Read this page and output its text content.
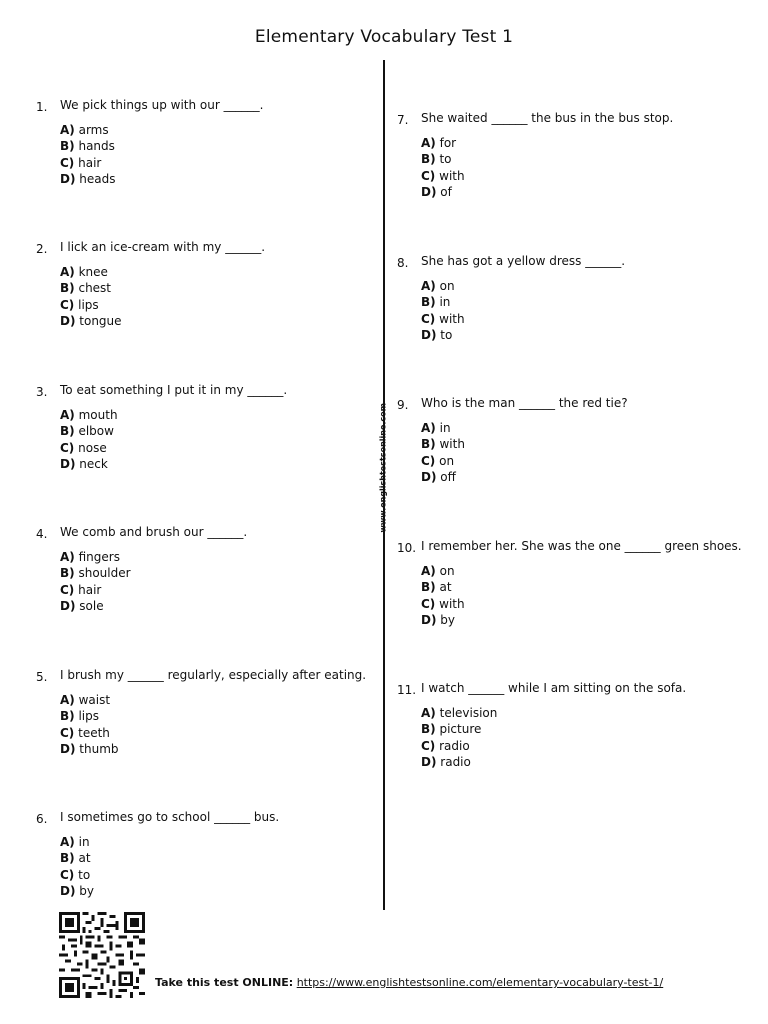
Elementary Vocabulary Test 1
www.englishtestsonline.com
1. We pick things up with our ______.
A) arms
B) hands
C) hair
D) heads
2. I lick an ice-cream with my ______.
A) knee
B) chest
C) lips
D) tongue
3. To eat something I put it in my ______.
A) mouth
B) elbow
C) nose
D) neck
4. We comb and brush our ______.
A) fingers
B) shoulder
C) hair
D) sole
5. I brush my ______ regularly, especially after eating.
A) waist
B) lips
C) teeth
D) thumb
6. I sometimes go to school ______ bus.
A) in
B) at
C) to
D) by
7. She waited ______ the bus in the bus stop.
A) for
B) to
C) with
D) of
8. She has got a yellow dress ______.
A) on
B) in
C) with
D) to
9. Who is the man ______ the red tie?
A) in
B) with
C) on
D) off
10. I remember her. She was the one ______ green shoes.
A) on
B) at
C) with
D) by
11. I watch ______ while I am sitting on the sofa.
A) television
B) picture
C) radio
D) radio
Take this test ONLINE: https://www.englishtestsonline.com/elementary-vocabulary-test-1/
